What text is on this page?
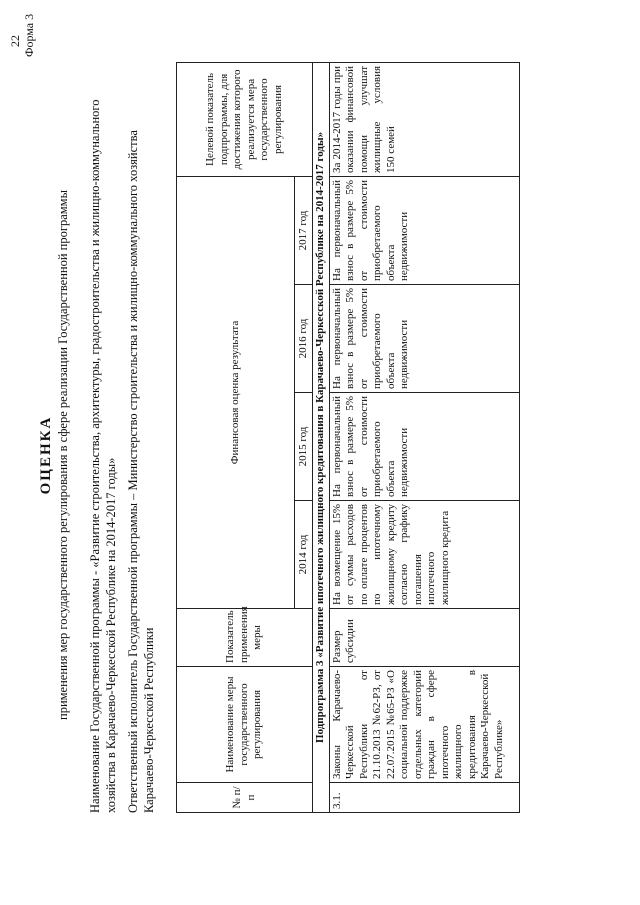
22 Форма 3
ОЦЕНКА применения мер государственного регулирования в сфере реализации Государственной программы Наименование Государственной программы - «Развитие строительства, архитектуры, градостроительства и жилищно-коммунального хозяйства в Карачаево-Черкесской Республике на 2014-2017 годы» Ответственный исполнитель Государственной программы – Министерство строительства и жилищно-коммунального хозяйства Карачаево-Черкесской Республики	№ п/п	Наименование меры государственного регулирования	Показатель применения меры	Финансовая оценка результата				Целевой показатель подпрограммы, для достижения которого реализуется мера государственного регулирования
			2014 год	2015 год	2016 год	2017 год	
Подпрограмма 3 «Развитие ипотечного жилищного кредитования в Карачаево-Черкесской Республике на 2014-2017 годы»							
3.1.	Законы Карачаево-Черкесской Республики от 21.10.2013 №62-РЗ, от 22.07.2015 №65-РЗ «О социальной поддержке отдельных категорий граждан в сфере ипотечного жилищного кредитования в Карачаево-Черкесской Республике»	Размер субсидии	На возмещение 15% от суммы расходов по оплате процентов по ипотечному жилищному кредиту согласно графику погашения ипотечного жилищного кредита	На первоначальный взнос в размере 5% от стоимости приобретаемого объекта недвижимости	На первоначальный взнос в размере 5% от стоимости приобретаемого объекта недвижимости	На первоначальный взнос в размере 5% от стоимости приобретаемого объекта недвижимости	За 2014-2017 годы при оказании финансовой помощи улучшат жилищные условия 150 семей
